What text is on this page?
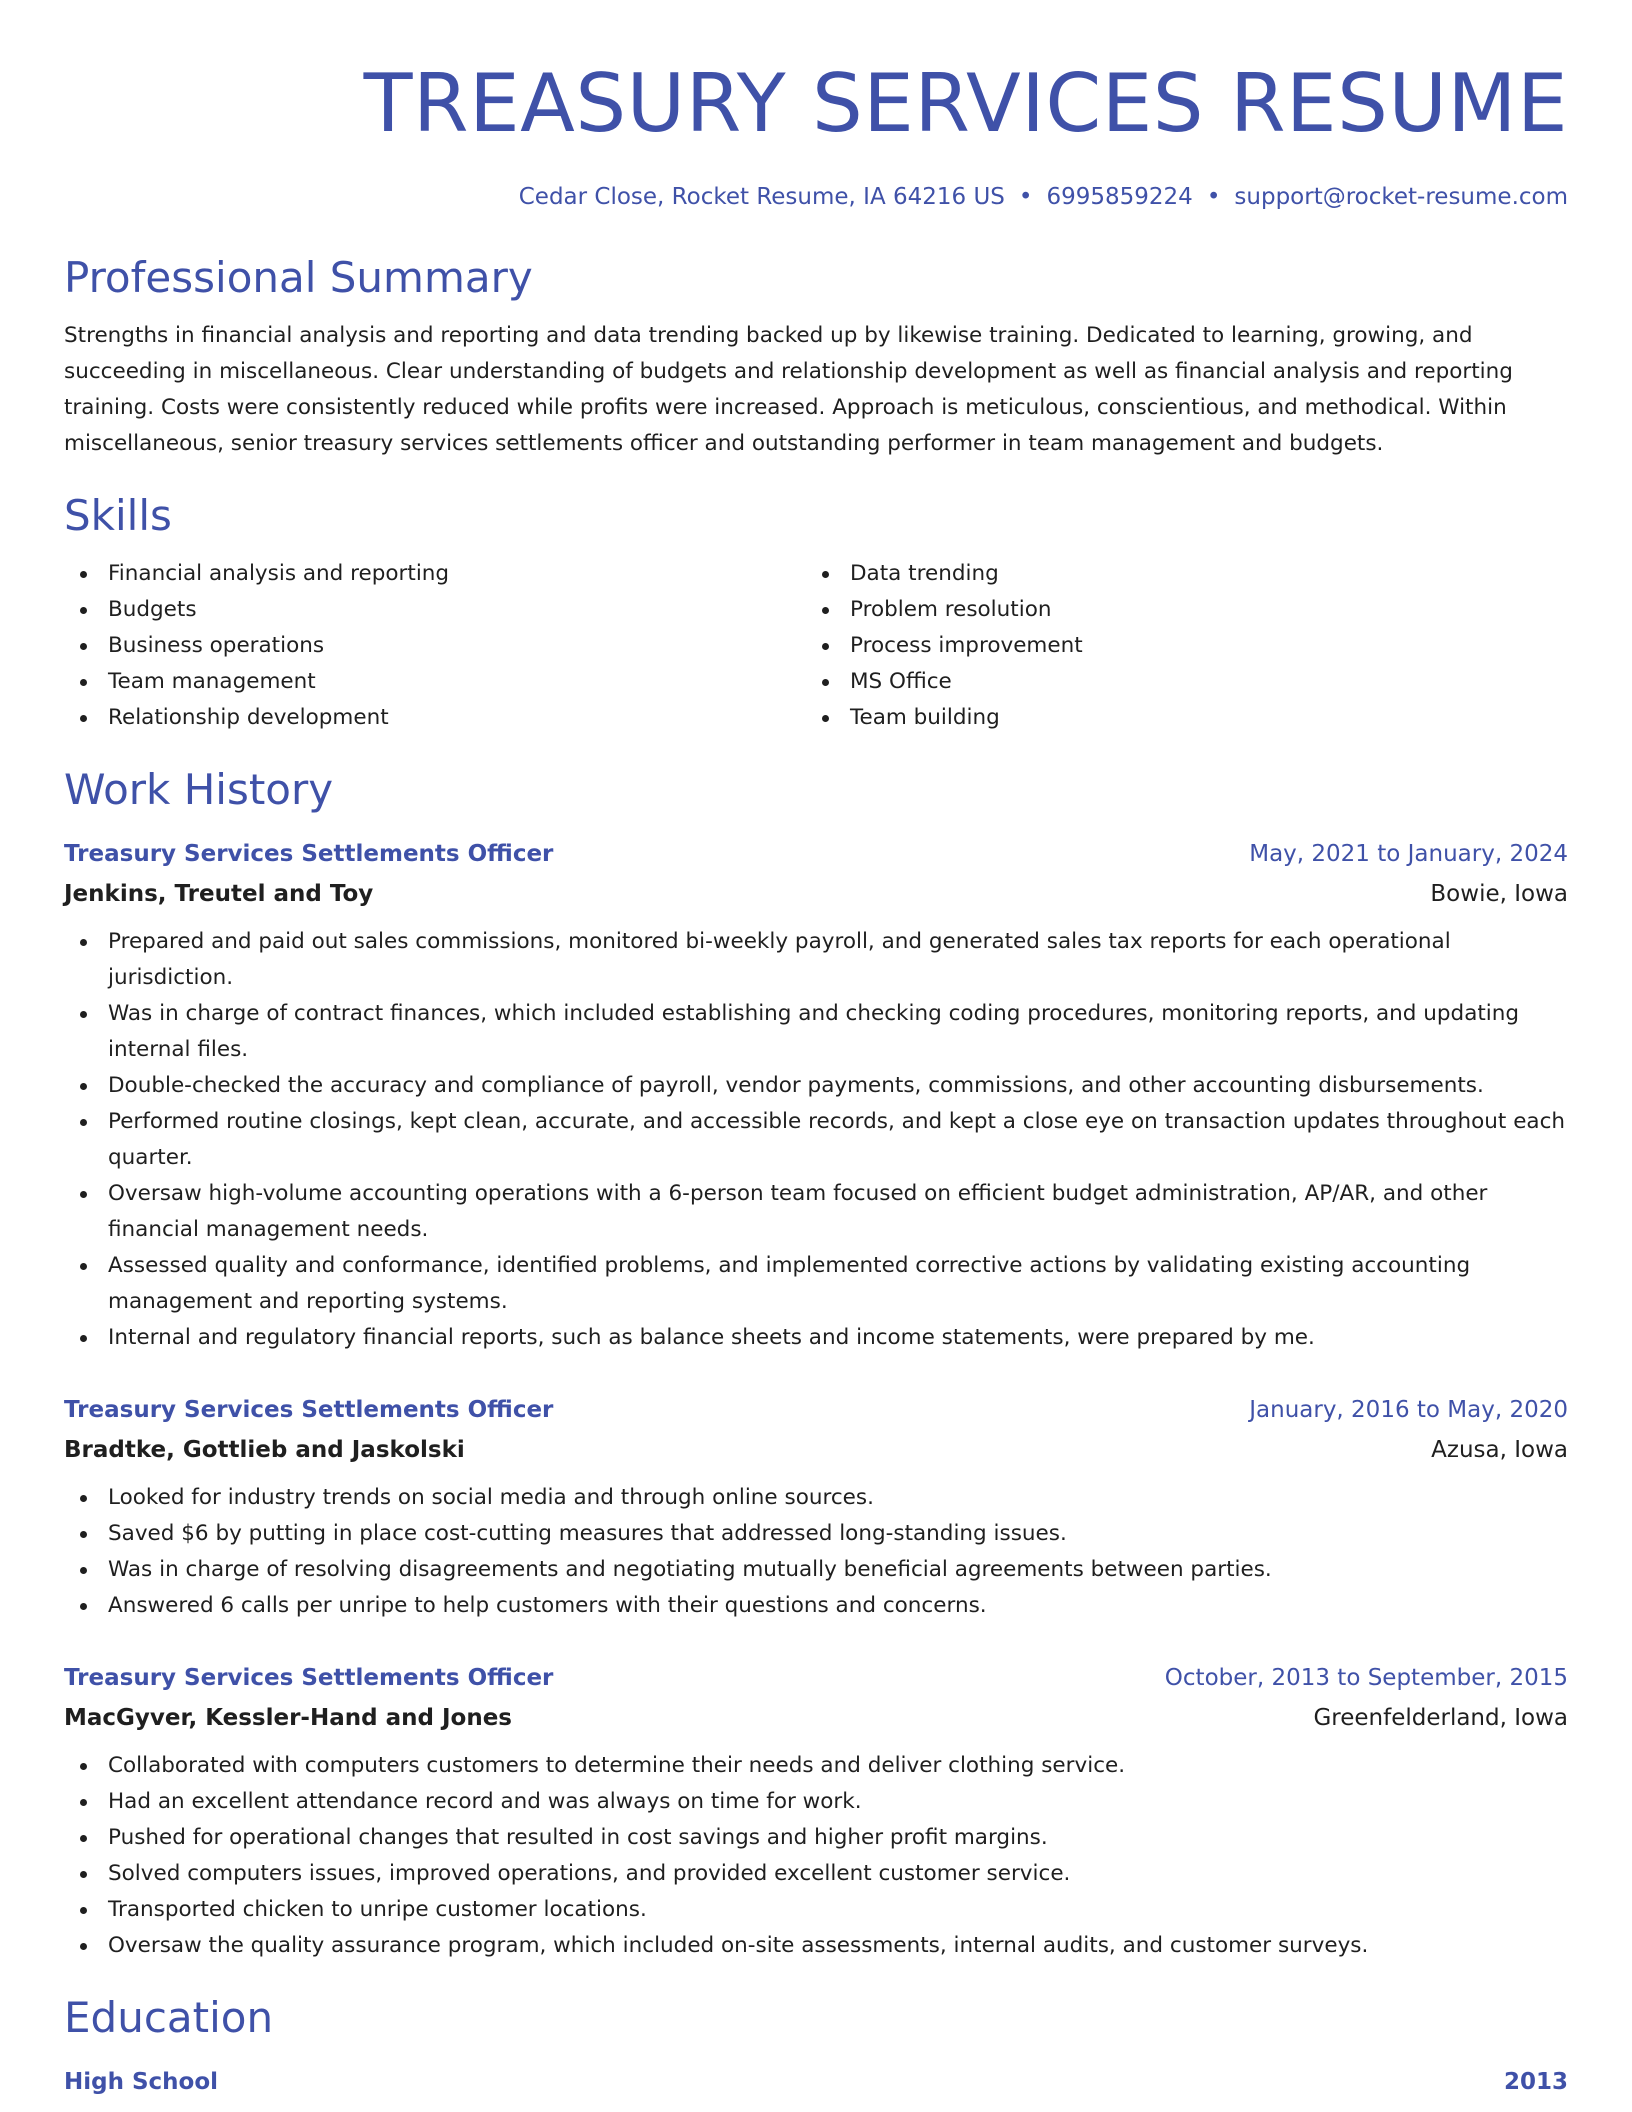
TREASURY SERVICES RESUME
Cedar Close, Rocket Resume, IA 64216 US • 6995859224 • support@rocket-resume.com
Professional Summary

Strengths in financial analysis and reporting and data trending backed up by likewise training. Dedicated to learning, growing, and succeeding in miscellaneous. Clear understanding of budgets and relationship development as well as financial analysis and reporting training. Costs were consistently reduced while profits were increased. Approach is meticulous, conscientious, and methodical. Within miscellaneous, senior treasury services settlements officer and outstanding performer in team management and budgets.

Skills
Financial analysis and reporting
Budgets
Business operations
Team management
Relationship development
Data trending
Problem resolution
Process improvement
MS Office
Team building
Work History
Treasury Services Settlements Officer	May, 2021 to January, 2024
Jenkins, Treutel and Toy	Bowie, Iowa
Prepared and paid out sales commissions, monitored bi-weekly payroll, and generated sales tax reports for each operational jurisdiction.
Was in charge of contract finances, which included establishing and checking coding procedures, monitoring reports, and updating internal files.
Double-checked the accuracy and compliance of payroll, vendor payments, commissions, and other accounting disbursements.
Performed routine closings, kept clean, accurate, and accessible records, and kept a close eye on transaction updates throughout each quarter.
Oversaw high-volume accounting operations with a 6-person team focused on efficient budget administration, AP/AR, and other financial management needs.
Assessed quality and conformance, identified problems, and implemented corrective actions by validating existing accounting management and reporting systems.
Internal and regulatory financial reports, such as balance sheets and income statements, were prepared by me.
Treasury Services Settlements Officer	January, 2016 to May, 2020
Bradtke, Gottlieb and Jaskolski	Azusa, Iowa
Looked for industry trends on social media and through online sources.
Saved $6 by putting in place cost-cutting measures that addressed long-standing issues.
Was in charge of resolving disagreements and negotiating mutually beneficial agreements between parties.
Answered 6 calls per unripe to help customers with their questions and concerns.
Treasury Services Settlements Officer	October, 2013 to September, 2015
MacGyver, Kessler-Hand and Jones	Greenfelderland, Iowa
Collaborated with computers customers to determine their needs and deliver clothing service.
Had an excellent attendance record and was always on time for work.
Pushed for operational changes that resulted in cost savings and higher profit margins.
Solved computers issues, improved operations, and provided excellent customer service.
Transported chicken to unripe customer locations.
Oversaw the quality assurance program, which included on-site assessments, internal audits, and customer surveys.
Education
High School	2013
